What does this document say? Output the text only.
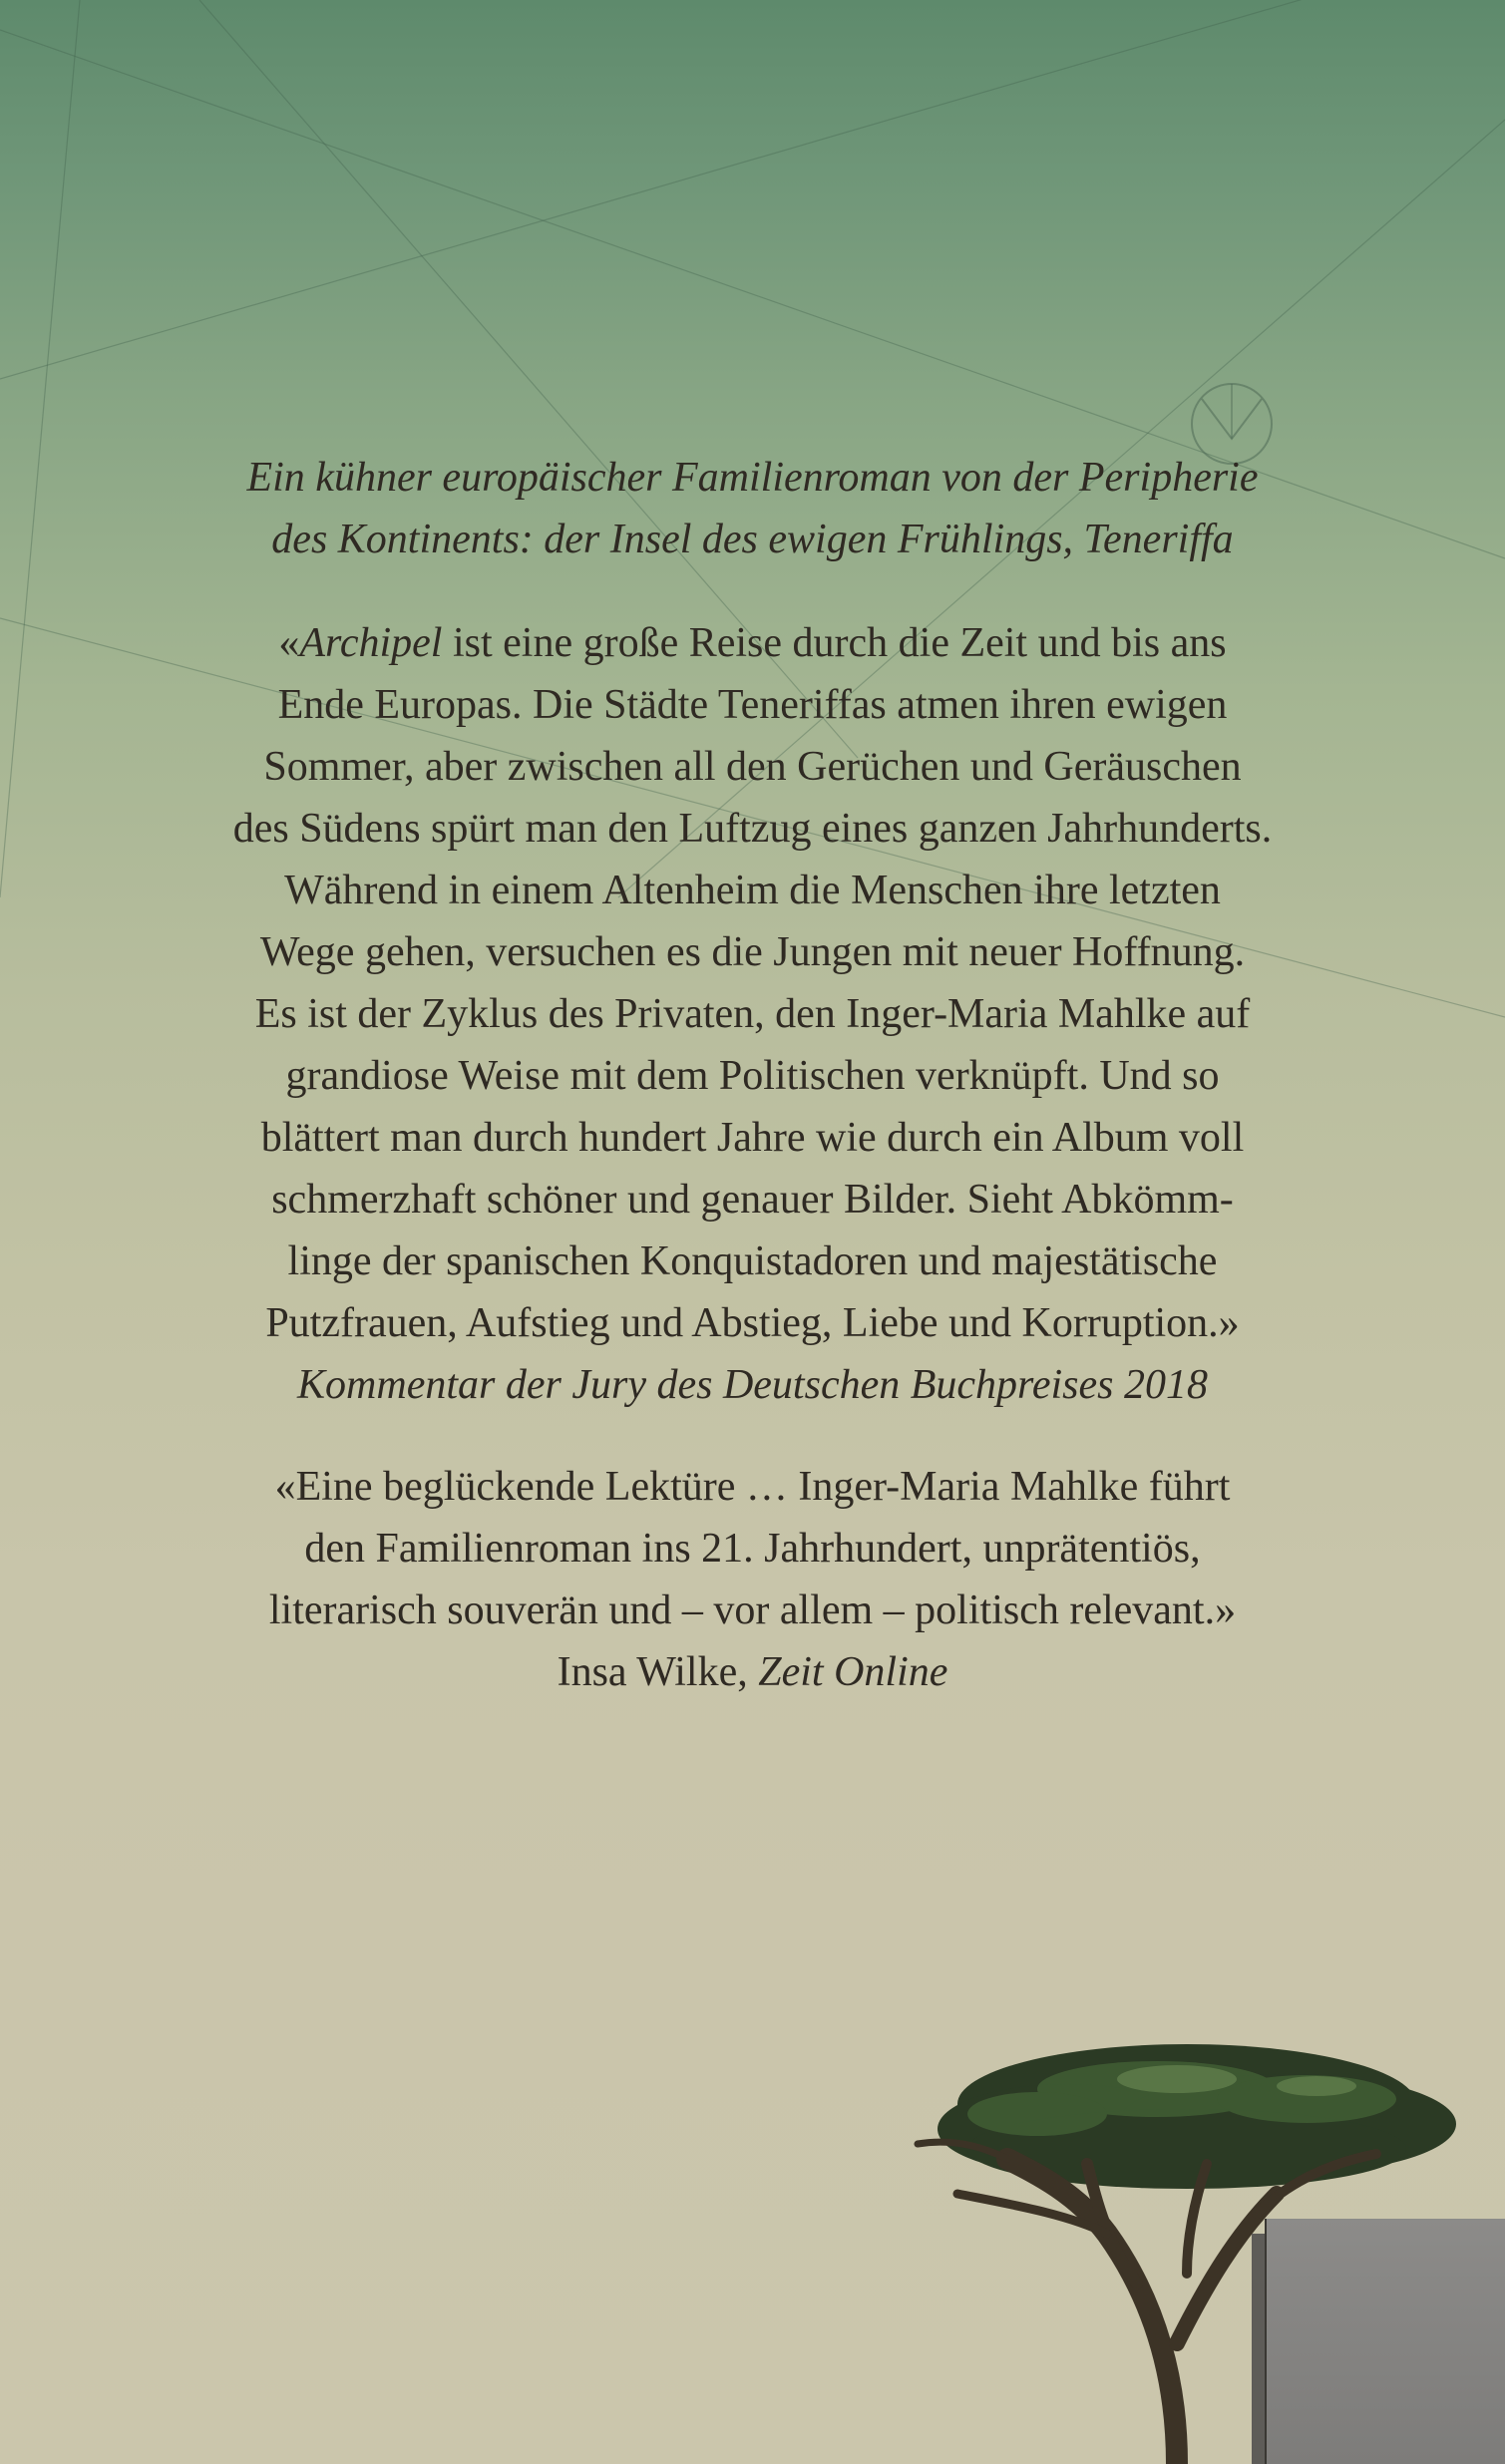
Ein kühner europäischer Familienroman von der Peripherie
des Kontinents: der Insel des ewigen Frühlings, Teneriffa
«Archipel ist eine große Reise durch die Zeit und bis ans
Ende Europas. Die Städte Teneriffas atmen ihren ewigen
Sommer, aber zwischen all den Gerüchen und Geräuschen
des Südens spürt man den Luftzug eines ganzen Jahrhunderts.
Während in einem Altenheim die Menschen ihre letzten
Wege gehen, versuchen es die Jungen mit neuer Hoffnung.
Es ist der Zyklus des Privaten, den Inger-Maria Mahlke auf
grandiose Weise mit dem Politischen verknüpft. Und so
blättert man durch hundert Jahre wie durch ein Album voll
schmerzhaft schöner und genauer Bilder. Sieht Abkömm-
linge der spanischen Konquistadoren und majestätische
Putzfrauen, Aufstieg und Abstieg, Liebe und Korruption.»
Kommentar der Jury des Deutschen Buchpreises 2018
«Eine beglückende Lektüre … Inger-Maria Mahlke führt
den Familienroman ins 21. Jahrhundert, unprätentiös,
literarisch souverän und – vor allem – politisch relevant.»
Insa Wilke, Zeit Online
